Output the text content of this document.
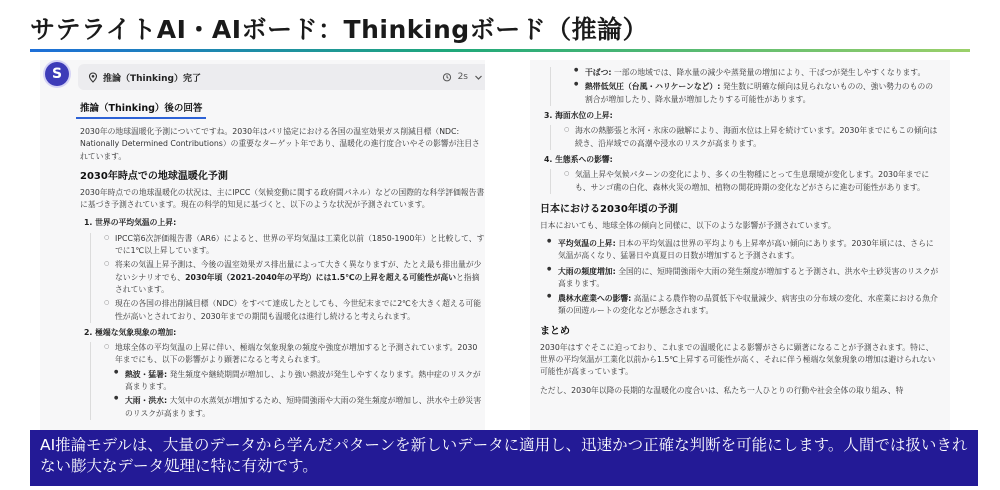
サテライトAI・AIボード：Thinkingボード（推論）
S	推論（Thinking）完了	2s
推論（Thinking）後の回答
2030年の地球温暖化予測についてですね。2030年はパリ協定における各国の温室効果ガス削減目標（NDC: Nationally Determined Contributions）の重要なターゲット年であり、温暖化の進行度合いやその影響が注目されています。
2030年時点での地球温暖化予測
2030年時点での地球温暖化の状況は、主にIPCC（気候変動に関する政府間パネル）などの国際的な科学評価報告書に基づき予測されています。現在の科学的知見に基づくと、以下のような状況が予測されています。
1. 世界の平均気温の上昇:
○ IPCC第6次評価報告書（AR6）によると、世界の平均気温は工業化以前（1850-1900年）と比較して、すでに1℃以上昇しています。
○ 将来の気温上昇予測は、今後の温室効果ガス排出量によって大きく異なりますが、たとえ最も排出量が少ないシナリオでも、2030年頃（2021-2040年の平均）には1.5℃の上昇を超える可能性が高いと指摘されています。
○ 現在の各国の排出削減目標（NDC）をすべて達成したとしても、今世紀末までに2℃を大きく超える可能性が高いとされており、2030年までの期間も温暖化は進行し続けると考えられます。
2. 極端な気象現象の増加:
○ 地球全体の平均気温の上昇に伴い、極端な気象現象の頻度や強度が増加すると予測されています。2030年までにも、以下の影響がより顕著になると考えられます。
● 熱波・猛暑: 発生頻度や継続期間が増加し、より強い熱波が発生しやすくなります。熱中症のリスクが高まります。
● 大雨・洪水: 大気中の水蒸気が増加するため、短時間強雨や大雨の発生頻度が増加し、洪水や土砂災害のリスクが高まります。
● 干ばつ: 一部の地域では、降水量の減少や蒸発量の増加により、干ばつが発生しやすくなります。
● 熱帯低気圧（台風・ハリケーンなど）: 発生数に明確な傾向は見られないものの、強い勢力のものの割合が増加したり、降水量が増加したりする可能性があります。
3. 海面水位の上昇:
○ 海水の熱膨張と氷河・氷床の融解により、海面水位は上昇を続けています。2030年までにもこの傾向は続き、沿岸域での高潮や浸水のリスクが高まります。
4. 生態系への影響:
○ 気温上昇や気候パターンの変化により、多くの生物種にとって生息環境が変化します。2030年までにも、サンゴ礁の白化、森林火災の増加、植物の開花時期の変化などがさらに進む可能性があります。
日本における2030年頃の予測
日本においても、地球全体の傾向と同様に、以下のような影響が予測されています。
● 平均気温の上昇: 日本の平均気温は世界の平均よりも上昇率が高い傾向にあります。2030年頃には、さらに気温が高くなり、猛暑日や真夏日の日数が増加すると予測されます。
● 大雨の頻度増加: 全国的に、短時間強雨や大雨の発生頻度が増加すると予測され、洪水や土砂災害のリスクが高まります。
● 農林水産業への影響: 高温による農作物の品質低下や収量減少、病害虫の分布域の変化、水産業における魚介類の回遊ルートの変化などが懸念されます。
まとめ
2030年はすぐそこに迫っており、これまでの温暖化による影響がさらに顕著になることが予測されます。特に、世界の平均気温が工業化以前から1.5℃上昇する可能性が高く、それに伴う極端な気象現象の増加は避けられない可能性が高まっています。
ただし、2030年以降の長期的な温暖化の度合いは、私たち一人ひとりの行動や社会全体の取り組み、特
AI推論モデルは、大量のデータから学んだパターンを新しいデータに適用し、迅速かつ正確な判断を可能にします。人間では扱いきれない膨大なデータ処理に特に有効です。
